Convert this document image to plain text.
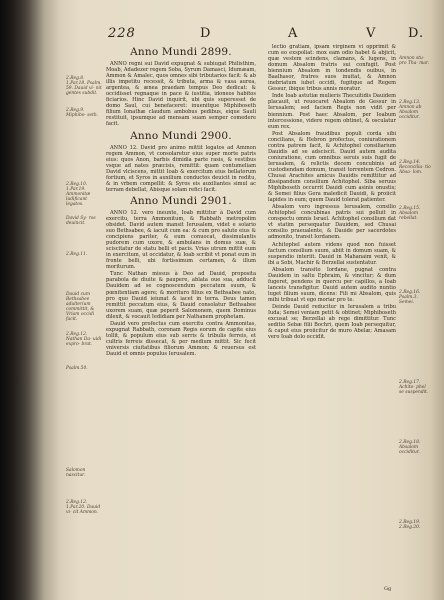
228	D	A	V D.
Anno Mundi 2899.

ANNO regni sui David expugnat & subiugat Philisthim, Moab, Adadezer regem Soba, Syrum Damasci, Idumæam, Ammon & Amalec, quos omnes sibi tributarios facit: & ab illis impetitu recessit, & tributa, arma & vasa aurea, argentea, & ænea praedam tempus Deo dedicat: & occidisset regnaque in pace & iustitia, idoneos habitos ficiarios. Hinc David inquirit, ubi quis superesset de domo Saul, cui benefaceret: inuenitque Miphiboseth filium Ionathæ claudum ambobus pedibus, eique Sauli restituit, ipsumque ad mensam suam semper comedere facit.

Anno Mundi 2900.

ANNO 12. David pro animo mittit legatos ad Ammon regem Ammon, vt consolaretur eius super morte patris eius: quos Anon, barbis dimidia parte rasis, & vestibus vsque ad nates præcisis, remittit: quam contumeliam David vlciscens, mittit Ioab & exercitum eius bellatorum fortium, et Syros in auxilium conductos deuicit in reditu, & in vrbem compellit: & Syros eis auxiliantes simul ac terram debellat, Abisque solam refici facit.

Anno Mundi 2901.

ANNO 12. vero ineunte, Ioab mittitur à David cum exercitu, terra Ammonitum, & Rabbath metropolim obsidet. David autem mansit Ierusalem, videt e solario suo Bethsabee, & iacuit cum ea: & cum pro salute eius & concipiens pariter, & eum conuocat, dissimulantis pudorem cum uxore, & ambulans in domus suæ, & sciscitatur de statu belli et pacis. Vrias utrum mittit eum in exercitum, ut occidatur, & Ioab scribit vt ponat eum in fronte belli, ubi fortissimum certamen, & illum moriturum.

Tunc Nathan missus à Deo ad Dauid, proposita parabola de diuite & paupere, ablata oue sua, adducit Dauidem ad se cognoscendum peccatum suum, & pœnitentiam agere; & morituro filius ex Bethsabee nato, pro quo Dauid ieiunat & iacet in terra. Deus tamen remittit peccatum eius, & Dauid consolatur Bethsabee uxorem suam, quæ peperit Salomonem, quem Dominus dilexit, & vocauit Iedidiam per Nathanem prophetam.

Dauid vero profectus cum exercitu contra Ammonitas, expugnat Rabbath, coronam Regis eorum de capite eius tollit, & populum eius sub serris & tribulis ferreis, et cultris ferreis dissecat, & per medium mittit. Sic fecit vniversis ciuitatibus filiorum Ammon; & reuersus est Dauid et omnis populus Ierusalem.

lectio gratiam, ipsam virginem vi opprimit & cum eo exspoliat: mox eam odio habet & abjicit, quæ vestem scindens, clamans, & lugens, in domum Absalom fratris sui confugit. Post biennium Absalom in tondendis ouibus, in Baalhasor, fratres suos inuitat, & Amnon inebriatum iubet occidi, fugitque ad Regem Gessur, ibique tribus annis moratur.

Inde Ioab astutiæ mulieris Thecuitidis Dauidem placauit, ut reuocaret Absalom de Gessur in Ierusalem; sed faciem Regis non vidit per biennium. Post haec Absalom, per Ioabum intercessione, videre regem obtinet, & osculatur eum rex.

Post Absalom fraudibus populi corda sibi concilians, & Hebron profectus, coniurationem contra patrem facit, & Achitophel consiliarium Dauidis ad se adsciscit. Dauid autem audita coniuratione, cum omnibus seruis suis fugit de Ierusalem, & relictis decem concubinis ad custodiendam domum, transit torrentem Cedron. Chusai Arachites amicus Dauidis remittitur ad dissipandum consilium Achitophel. Siba seruus Miphiboseth occurrit Dauidi cum asinis onustis; & Semei filius Gera maledicit Dauidi, & proiicit lapides in eum; quem Dauid tolerat patienter.

Absalom vero ingressus Ierusalem, consilio Achitophel concubinas patris sui polluit in conspectu omnis Israel. Achitophel consilium dat vt statim persequatur Dauidem, sed Chusai consilio praeualente, & Dauide per sacerdotes admonito, transit Iordanem.

Achitophel autem videns quod non fuisset factum consilium suum, abiit in domum suam, & suspendio interiit. Dauid in Mahanaim venit, & ibi a Sobi, Machir & Berzellai sustentatur.

Absalom transito Iordane, pugnat contra Dauidem in saltu Ephraim, & vincitur; & dum fugeret, pendens in quercu per capillos, a Ioab lanceis transfigitur. Dauid autem audito nuntio luget filium suum, dicens: Fili mi Absalom, quis mihi tribuat vt ego moriar pro te.

Deinde Dauid reducitur in Ierusalem a tribu Iuda; Semei veniam petit & obtinet; Miphiboseth excusat se; Berzellai ab rege dimittitur. Tunc seditio Sebæ filii Bochri, quem Ioab persequitur, & caput eius proiicitur de muro Abelæ; Amasam vero Ioab dolo occidit.

2.Reg.8. 1.Par.18. Psalm. 59. Dauid vi- nit gentes subdit.
2.Reg.9. Miphibo- seth.
2.Reg.10. 1.Par.19. Ammonitæ ludificant legatos.
David Sy- ros deuincit.
2.Reg.11.
Dauid cum Bethsabee adulterium committit, & Vriam occidi facit.
2.Reg.12. Nathan Da- uidi expro- brat.
Psalm.50.
Salomon nascitur.
2.Reg.12. 1.Par.20. Dauid vi- cit Ammon.
Amnon stu- pro Tha- mar.
2.Reg.13. Amnon ab Absalom occiditur.
2.Reg.14. Reconcilia- tio Absa- lom.
2.Reg.15. Absalom rebellat.
2.Reg.16. Psalm.3. Semei.
2.Reg.17. Achito- phel se suspendit.
2.Reg.18. Absalom occiditur.
2.Reg.19. 2.Reg.20.
Gg
